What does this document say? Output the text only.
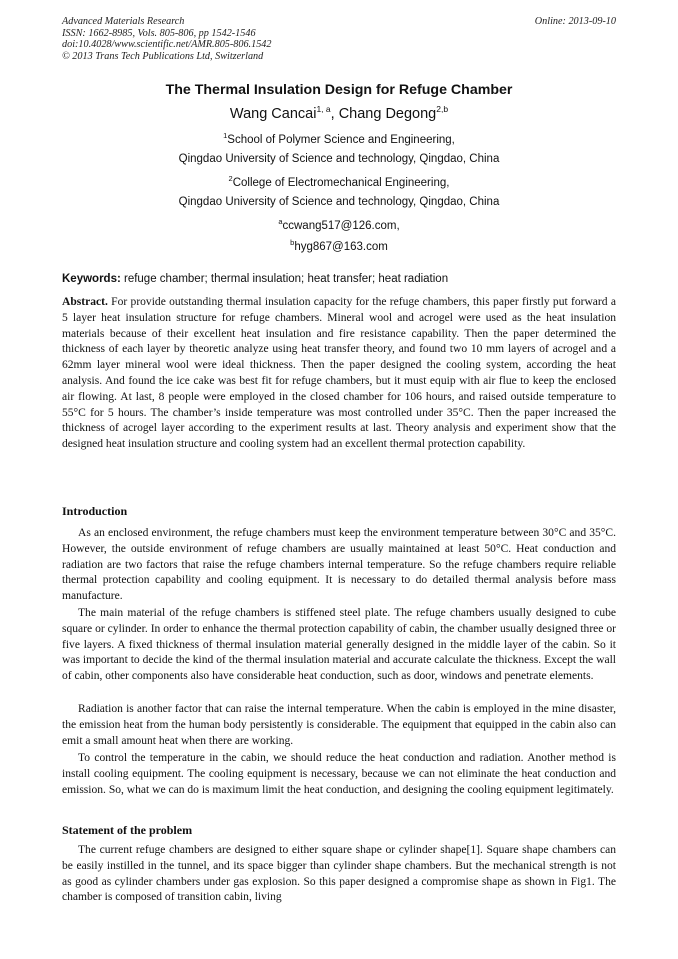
Advanced Materials Research
ISSN: 1662-8985, Vols. 805-806, pp 1542-1546
doi:10.4028/www.scientific.net/AMR.805-806.1542
© 2013 Trans Tech Publications Ltd, Switzerland
Online: 2013-09-10
The Thermal Insulation Design for Refuge Chamber
Wang Cancai$^{1, a}$, Chang Degong$^{2,b}$
$^1$School of Polymer Science and Engineering,
Qingdao University of Science and technology, Qingdao, China
$^2$College of Electromechanical Engineering,
Qingdao University of Science and technology, Qingdao, China
$^a$ccwang517@126.com,
$^b$hyg867@163.com
Keywords: refuge chamber; thermal insulation; heat transfer; heat radiation
Abstract. For provide outstanding thermal insulation capacity for the refuge chambers, this paper firstly put forward a 5 layer heat insulation structure for refuge chambers. Mineral wool and acrogel were used as the heat insulation materials because of their excellent heat insulation and fire resistance capability. Then the paper determined the thickness of each layer by theoretic analyze using heat transfer theory, and found two 10 mm layers of acrogel and a 62mm layer mineral wool were ideal thickness. Then the paper designed the cooling system, according the heat analysis. And found the ice cake was best fit for refuge chambers, but it must equip with air flue to keep the enclosed air flowing. At last, 8 people were employed in the closed chamber for 106 hours, and raised outside temperature to 55°C for 5 hours. The chamber’s inside temperature was most controlled under 35°C. Then the paper increased the thickness of acrogel layer according to the experiment results at last. Theory analysis and experiment show that the designed heat insulation structure and cooling system had an excellent thermal protection capability.
Introduction
As an enclosed environment, the refuge chambers must keep the environment temperature between 30°C and 35°C. However, the outside environment of refuge chambers are usually maintained at least 50°C. Heat conduction and radiation are two factors that raise the refuge chambers internal temperature. So the refuge chambers require reliable thermal protection capability and cooling equipment. It is necessary to do detailed thermal analysis before mass manufacture.
The main material of the refuge chambers is stiffened steel plate. The refuge chambers usually designed to cube square or cylinder. In order to enhance the thermal protection capability of cabin, the chamber usually designed three or five layers. A fixed thickness of thermal insulation material generally designed in the middle layer of the cabin. So it was important to decide the kind of the thermal insulation material and accurate calculate the thickness. Except the wall of cabin, other components also have considerable heat conduction, such as door, windows and penetrate elements.
Radiation is another factor that can raise the internal temperature. When the cabin is employed in the mine disaster, the emission heat from the human body persistently is considerable. The equipment that equipped in the cabin also can emit a small amount heat when there are working.
To control the temperature in the cabin, we should reduce the heat conduction and radiation. Another method is install cooling equipment. The cooling equipment is necessary, because we can not eliminate the heat conduction and emission. So, what we can do is maximum limit the heat conduction, and designing the cooling equipment legitimately.
Statement of the problem
The current refuge chambers are designed to either square shape or cylinder shape[1]. Square shape chambers can be easily instilled in the tunnel, and its space bigger than cylinder shape chambers. But the mechanical strength is not as good as cylinder chambers under gas explosion. So this paper designed a compromise shape as shown in Fig1. The chamber is composed of transition cabin, living
